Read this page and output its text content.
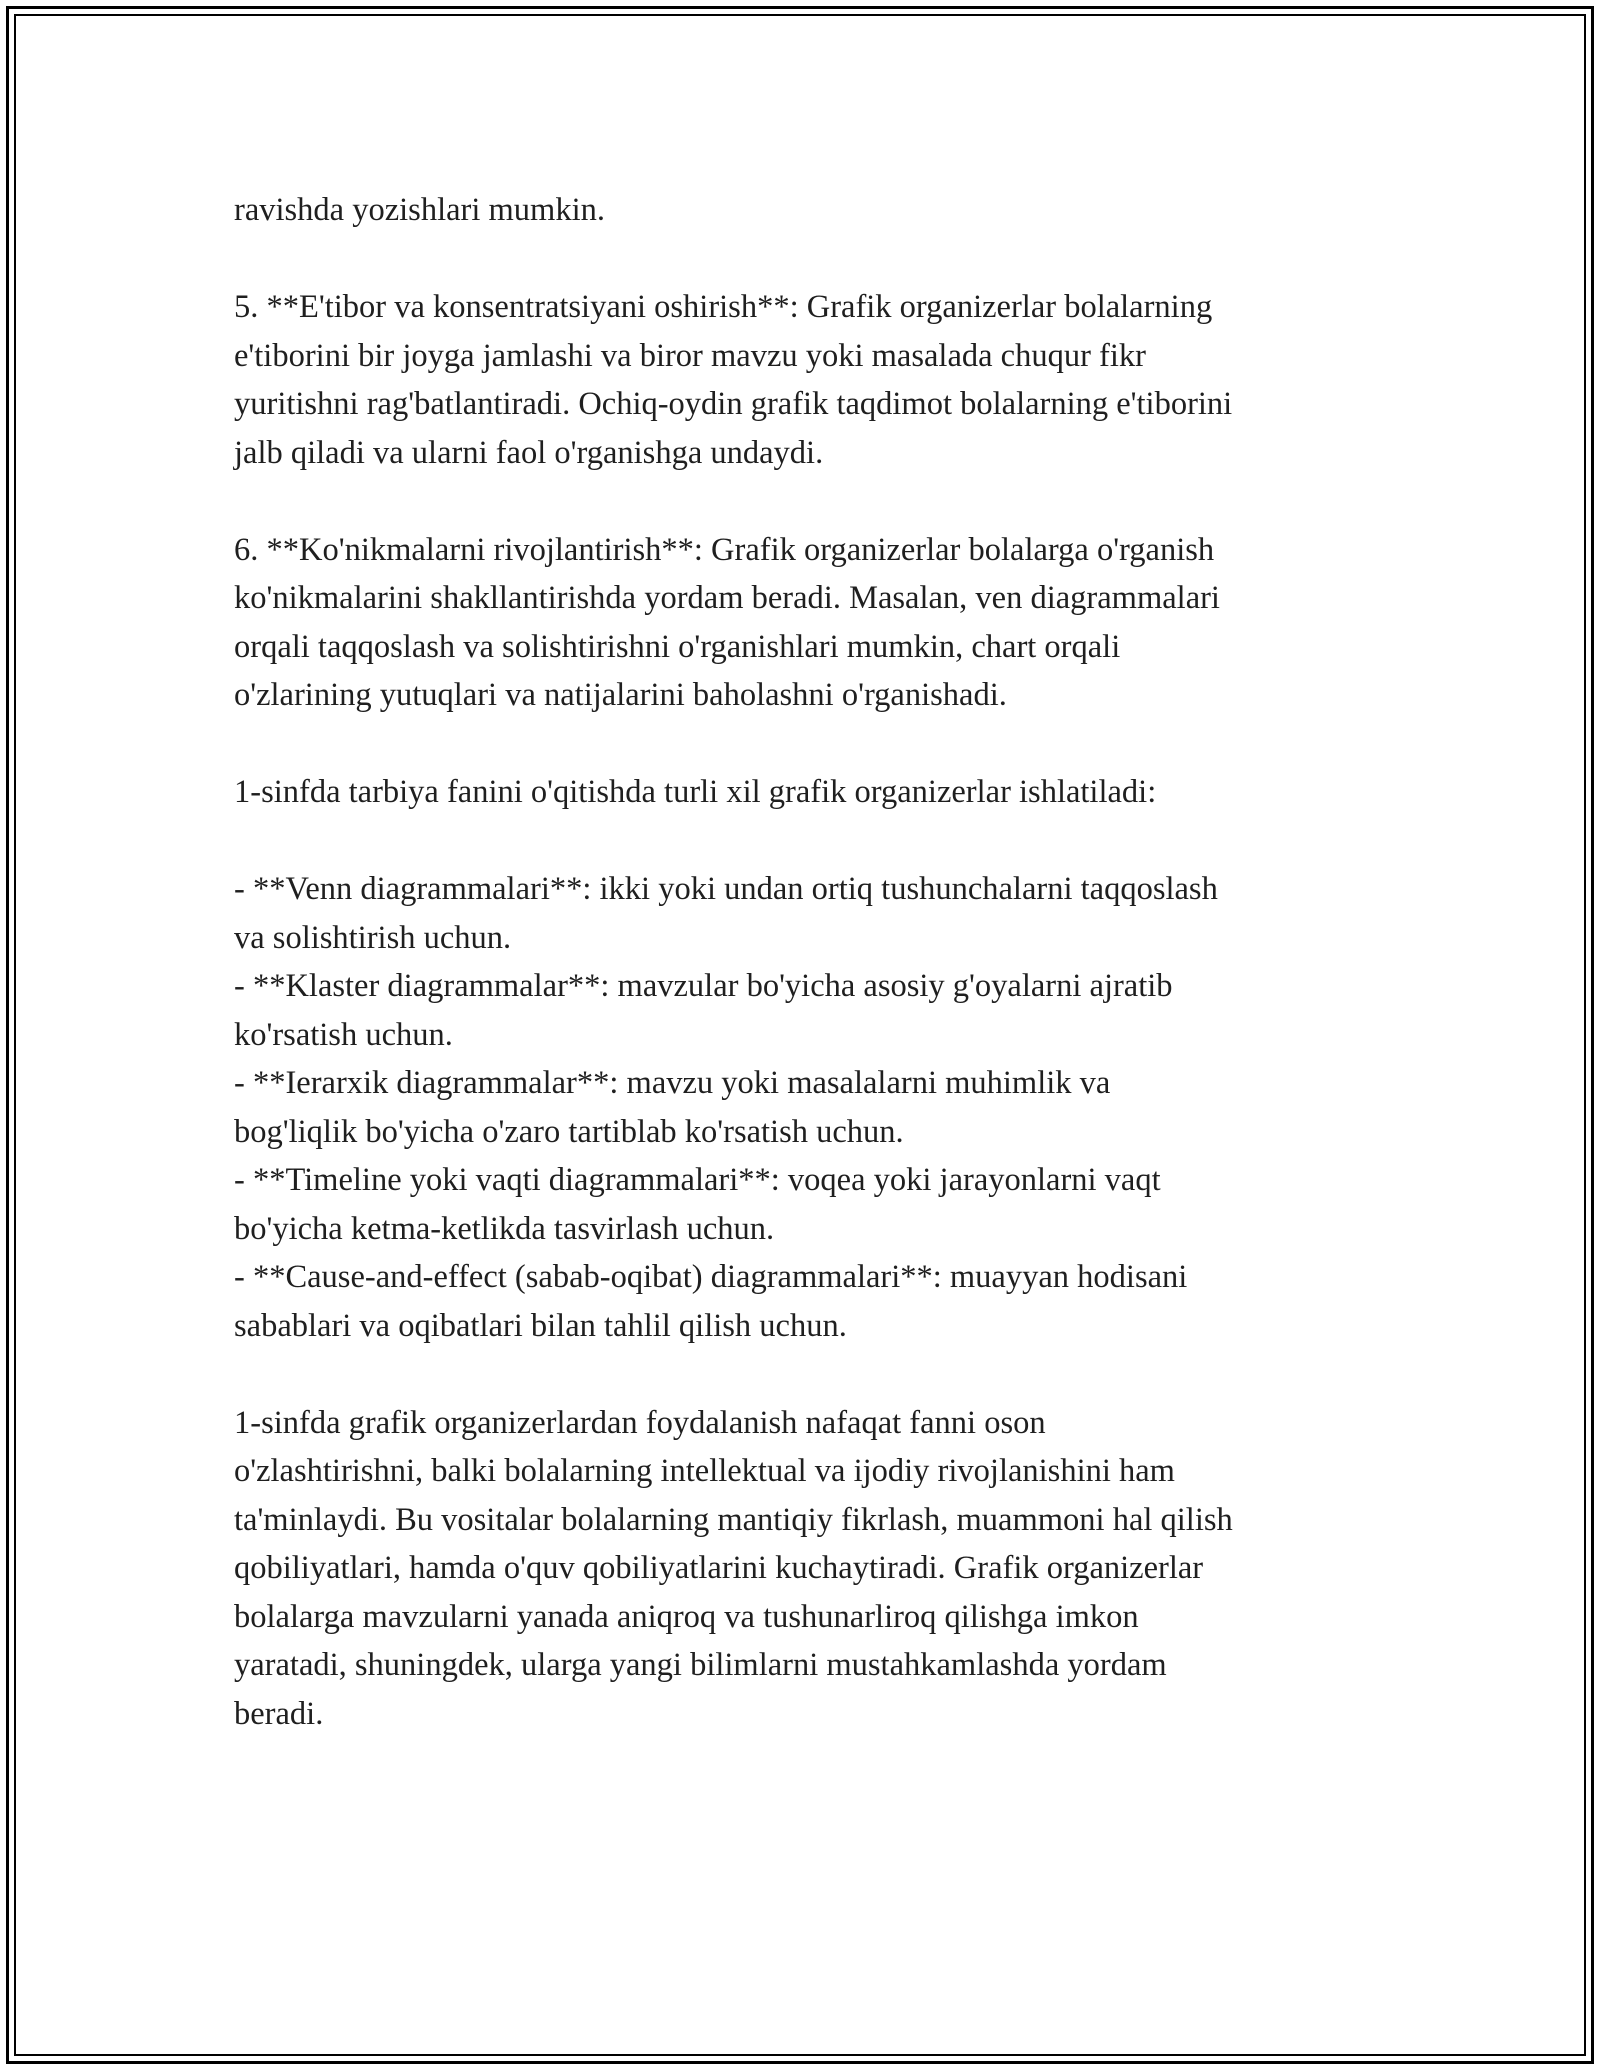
ravishda yozishlari mumkin.
5. **E'tibor va konsentratsiyani oshirish**: Grafik organizerlar bolalarning
e'tiborini bir joyga jamlashi va biror mavzu yoki masalada chuqur fikr
yuritishni rag'batlantiradi. Ochiq-oydin grafik taqdimot bolalarning e'tiborini
jalb qiladi va ularni faol o'rganishga undaydi.
6. **Ko'nikmalarni rivojlantirish**: Grafik organizerlar bolalarga o'rganish
ko'nikmalarini shakllantirishda yordam beradi. Masalan, ven diagrammalari
orqali taqqoslash va solishtirishni o'rganishlari mumkin, chart orqali
o'zlarining yutuqlari va natijalarini baholashni o'rganishadi.
1-sinfda tarbiya fanini o'qitishda turli xil grafik organizerlar ishlatiladi:
- **Venn diagrammalari**: ikki yoki undan ortiq tushunchalarni taqqoslash
va solishtirish uchun.
- **Klaster diagrammalar**: mavzular bo'yicha asosiy g'oyalarni ajratib
ko'rsatish uchun.
- **Ierarxik diagrammalar**: mavzu yoki masalalarni muhimlik va
bog'liqlik bo'yicha o'zaro tartiblab ko'rsatish uchun.
- **Timeline yoki vaqti diagrammalari**: voqea yoki jarayonlarni vaqt
bo'yicha ketma-ketlikda tasvirlash uchun.
- **Cause-and-effect (sabab-oqibat) diagrammalari**: muayyan hodisani
sabablari va oqibatlari bilan tahlil qilish uchun.
1-sinfda grafik organizerlardan foydalanish nafaqat fanni oson
o'zlashtirishni, balki bolalarning intellektual va ijodiy rivojlanishini ham
ta'minlaydi. Bu vositalar bolalarning mantiqiy fikrlash, muammoni hal qilish
qobiliyatlari, hamda o'quv qobiliyatlarini kuchaytiradi. Grafik organizerlar
bolalarga mavzularni yanada aniqroq va tushunarliroq qilishga imkon
yaratadi, shuningdek, ularga yangi bilimlarni mustahkamlashda yordam
beradi.
